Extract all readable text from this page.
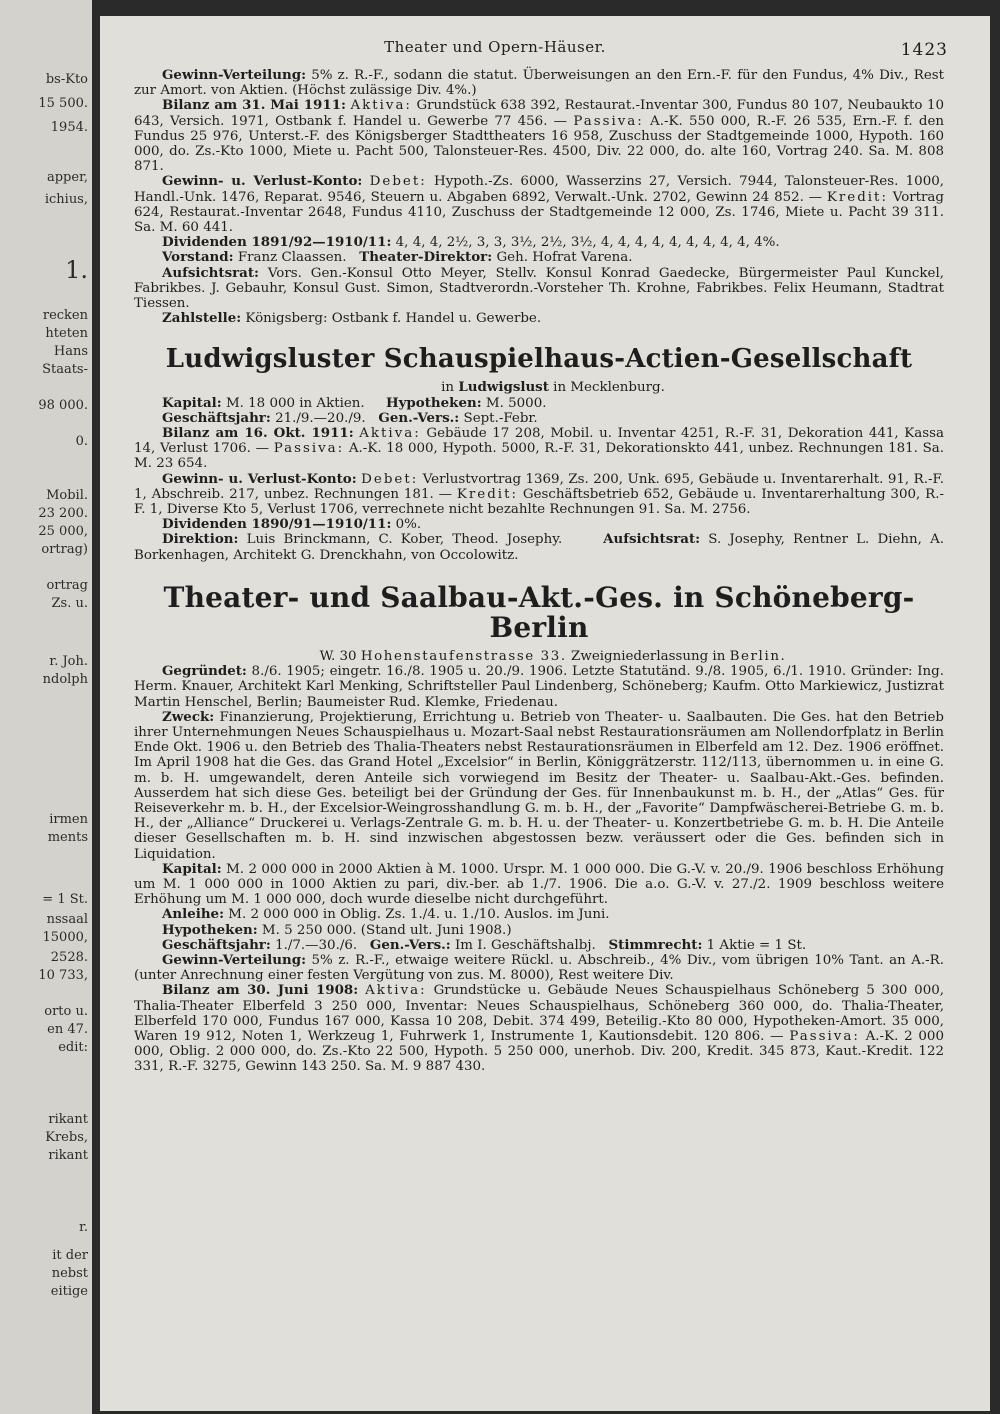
bs-Kto
15 500.
1954.
apper,
ichius,
1.
recken
hteten
Hans
Staats-
98 000.
0.
Mobil.
23 200.
25 000,
ortrag)
ortrag
Zs. u.
r. Joh.
ndolph
irmen
ments
= 1 St.
nssaal
15000,
2528.
10 733,
orto u.
en 47.
edit:
rikant
Krebs,
rikant
r.
it der
nebst
eitige
Theater und Opern-Häuser.	1423

Gewinn-Verteilung: 5% z. R.-F., sodann die statut. Überweisungen an den Ern.-F. für den Fundus, 4% Div., Rest zur Amort. von Aktien. (Höchst zulässige Div. 4%.)

Bilanz am 31. Mai 1911: Aktiva: Grundstück 638 392, Restaurat.-Inventar 300, Fundus 80 107, Neubaukto 10 643, Versich. 1971, Ostbank f. Handel u. Gewerbe 77 456. — Passiva: A.-K. 550 000, R.-F. 26 535, Ern.-F. f. den Fundus 25 976, Unterst.-F. des Königsberger Stadttheaters 16 958, Zuschuss der Stadtgemeinde 1000, Hypoth. 160 000, do. Zs.-Kto 1000, Miete u. Pacht 500, Talonsteuer-Res. 4500, Div. 22 000, do. alte 160, Vortrag 240. Sa. M. 808 871.

Gewinn- u. Verlust-Konto: Debet: Hypoth.-Zs. 6000, Wasserzins 27, Versich. 7944, Talonsteuer-Res. 1000, Handl.-Unk. 1476, Reparat. 9546, Steuern u. Abgaben 6892, Verwalt.-Unk. 2702, Gewinn 24 852. — Kredit: Vortrag 624, Restaurat.-Inventar 2648, Fundus 4110, Zuschuss der Stadtgemeinde 12 000, Zs. 1746, Miete u. Pacht 39 311. Sa. M. 60 441.

Dividenden 1891/92—1910/11: 4, 4, 4, 2½, 3, 3, 3½, 2½, 3½, 4, 4, 4, 4, 4, 4, 4, 4, 4, 4%.

Vorstand: Franz Claassen. Theater-Direktor: Geh. Hofrat Varena.

Aufsichtsrat: Vors. Gen.-Konsul Otto Meyer, Stellv. Konsul Konrad Gaedecke, Bürgermeister Paul Kunckel, Fabrikbes. J. Gebauhr, Konsul Gust. Simon, Stadtverordn.-Vorsteher Th. Krohne, Fabrikbes. Felix Heumann, Stadtrat Tiessen.

Zahlstelle: Königsberg: Ostbank f. Handel u. Gewerbe.

Ludwigsluster Schauspielhaus-Actien-Gesellschaft

in Ludwigslust in Mecklenburg.

Kapital: M. 18 000 in Aktien. Hypotheken: M. 5000.

Geschäftsjahr: 21./9.—20./9. Gen.-Vers.: Sept.-Febr.

Bilanz am 16. Okt. 1911: Aktiva: Gebäude 17 208, Mobil. u. Inventar 4251, R.-F. 31, Dekoration 441, Kassa 14, Verlust 1706. — Passiva: A.-K. 18 000, Hypoth. 5000, R.-F. 31, Dekorationskto 441, unbez. Rechnungen 181. Sa. M. 23 654.

Gewinn- u. Verlust-Konto: Debet: Verlustvortrag 1369, Zs. 200, Unk. 695, Gebäude u. Inventarerhalt. 91, R.-F. 1, Abschreib. 217, unbez. Rechnungen 181. — Kredit: Geschäftsbetrieb 652, Gebäude u. Inventarerhaltung 300, R.-F. 1, Diverse Kto 5, Verlust 1706, verrechnete nicht bezahlte Rechnungen 91. Sa. M. 2756.

Dividenden 1890/91—1910/11: 0%.

Direktion: Luis Brinckmann, C. Kober, Theod. Josephy.	Aufsichtsrat: S. Josephy, Rentner L. Diehn, A. Borkenhagen, Architekt G. Drenckhahn, von Occolowitz.

Theater- und Saalbau-Akt.-Ges. in Schöneberg-Berlin

W. 30 Hohenstaufenstrasse 33. Zweigniederlassung in Berlin.

Gegründet: 8./6. 1905; eingetr. 16./8. 1905 u. 20./9. 1906. Letzte Statutänd. 9./8. 1905, 6./1. 1910. Gründer: Ing. Herm. Knauer, Architekt Karl Menking, Schriftsteller Paul Lindenberg, Schöneberg; Kaufm. Otto Markiewicz, Justizrat Martin Henschel, Berlin; Baumeister Rud. Klemke, Friedenau.

Zweck: Finanzierung, Projektierung, Errichtung u. Betrieb von Theater- u. Saalbauten. Die Ges. hat den Betrieb ihrer Unternehmungen Neues Schauspielhaus u. Mozart-Saal nebst Restaurationsräumen am Nollendorfplatz in Berlin Ende Okt. 1906 u. den Betrieb des Thalia-Theaters nebst Restaurationsräumen in Elberfeld am 12. Dez. 1906 eröffnet. Im April 1908 hat die Ges. das Grand Hotel „Excelsior“ in Berlin, Königgrätzerstr. 112/113, übernommen u. in eine G. m. b. H. umgewandelt, deren Anteile sich vorwiegend im Besitz der Theater- u. Saalbau-Akt.-Ges. befinden. Ausserdem hat sich diese Ges. beteiligt bei der Gründung der Ges. für Innenbaukunst m. b. H., der „Atlas“ Ges. für Reiseverkehr m. b. H., der Excelsior-Weingrosshandlung G. m. b. H., der „Favorite“ Dampfwäscherei-Betriebe G. m. b. H., der „Alliance“ Druckerei u. Verlags-Zentrale G. m. b. H. u. der Theater- u. Konzertbetriebe G. m. b. H. Die Anteile dieser Gesellschaften m. b. H. sind inzwischen abgestossen bezw. veräussert oder die Ges. befinden sich in Liquidation.

Kapital: M. 2 000 000 in 2000 Aktien à M. 1000. Urspr. M. 1 000 000. Die G.-V. v. 20./9. 1906 beschloss Erhöhung um M. 1 000 000 in 1000 Aktien zu pari, div.-ber. ab 1./7. 1906. Die a.o. G.-V. v. 27./2. 1909 beschloss weitere Erhöhung um M. 1 000 000, doch wurde dieselbe nicht durchgeführt.

Anleihe: M. 2 000 000 in Oblig. Zs. 1./4. u. 1./10. Auslos. im Juni.

Hypotheken: M. 5 250 000. (Stand ult. Juni 1908.)

Geschäftsjahr: 1./7.—30./6. Gen.-Vers.: Im I. Geschäftshalbj. Stimmrecht: 1 Aktie = 1 St.

Gewinn-Verteilung: 5% z. R.-F., etwaige weitere Rückl. u. Abschreib., 4% Div., vom übrigen 10% Tant. an A.-R. (unter Anrechnung einer festen Vergütung von zus. M. 8000), Rest weitere Div.

Bilanz am 30. Juni 1908: Aktiva: Grundstücke u. Gebäude Neues Schauspielhaus Schöneberg 5 300 000, Thalia-Theater Elberfeld 3 250 000, Inventar: Neues Schauspielhaus, Schöneberg 360 000, do. Thalia-Theater, Elberfeld 170 000, Fundus 167 000, Kassa 10 208, Debit. 374 499, Beteilig.-Kto 80 000, Hypotheken-Amort. 35 000, Waren 19 912, Noten 1, Werkzeug 1, Fuhrwerk 1, Instrumente 1, Kautionsdebit. 120 806. — Passiva: A.-K. 2 000 000, Oblig. 2 000 000, do. Zs.-Kto 22 500, Hypoth. 5 250 000, unerhob. Div. 200, Kredit. 345 873, Kaut.-Kredit. 122 331, R.-F. 3275, Gewinn 143 250. Sa. M. 9 887 430.
